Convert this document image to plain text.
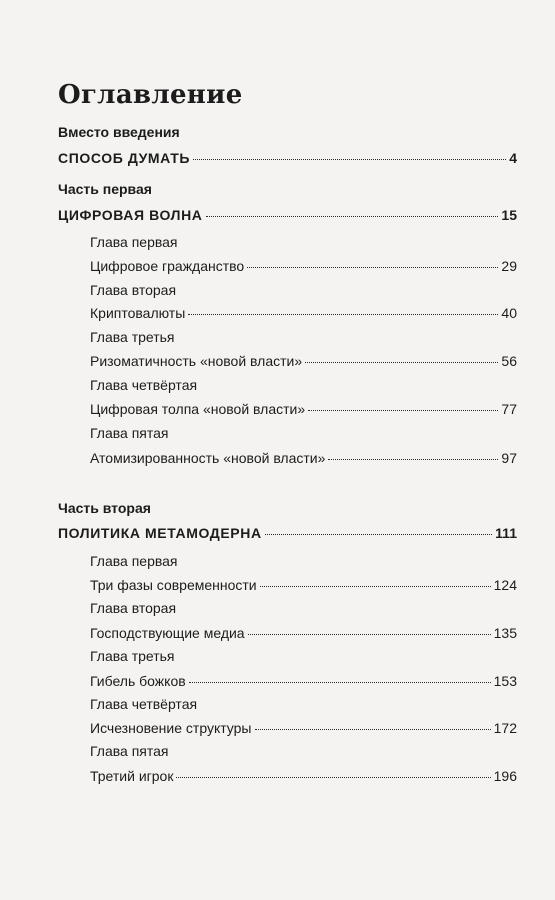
Оглавление
Вместо введения
СПОСОБ ДУМАТЬ	4
Часть первая
ЦИФРОВАЯ ВОЛНА	15
Глава первая
Цифровое гражданство	29
Глава вторая
Криптовалюты	40
Глава третья
Ризоматичность «новой власти»	56
Глава четвёртая
Цифровая толпа «новой власти»	77
Глава пятая
Атомизированность «новой власти»	97
Часть вторая
ПОЛИТИКА МЕТАМОДЕРНА	111
Глава первая
Три фазы современности	124
Глава вторая
Господствующие медиа	135
Глава третья
Гибель божков	153
Глава четвёртая
Исчезновение структуры	172
Глава пятая
Третий игрок	196
